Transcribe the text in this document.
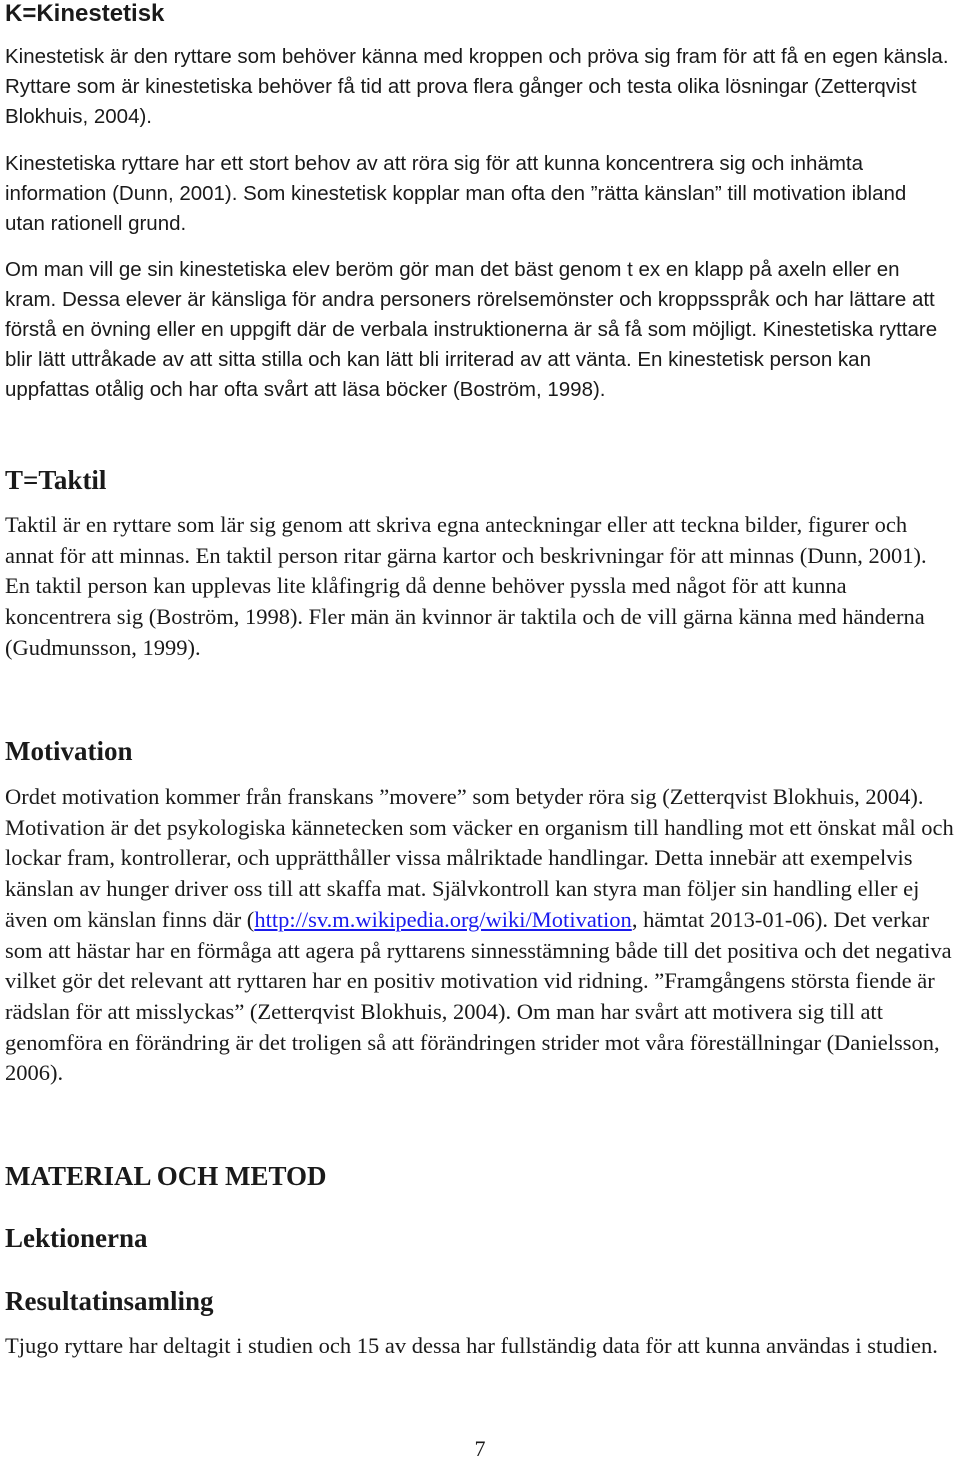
K=Kinestetisk

Kinestetisk är den ryttare som behöver känna med kroppen och pröva sig fram för att få en egen känsla. Ryttare som är kinestetiska behöver få tid att prova flera gånger och testa olika lösningar (Zetterqvist Blokhuis, 2004).

Kinestetiska ryttare har ett stort behov av att röra sig för att kunna koncentrera sig och inhämta information (Dunn, 2001). Som kinestetisk kopplar man ofta den ”rätta känslan” till motivation ibland utan rationell grund.

Om man vill ge sin kinestetiska elev beröm gör man det bäst genom t ex en klapp på axeln eller en kram. Dessa elever är känsliga för andra personers rörelsemönster och kroppsspråk och har lättare att förstå en övning eller en uppgift där de verbala instruktionerna är så få som möjligt. Kinestetiska ryttare blir lätt uttråkade av att sitta stilla och kan lätt bli irriterad av att vänta. En kinestetisk person kan uppfattas otålig och har ofta svårt att läsa böcker (Boström, 1998).

T=Taktil

Taktil är en ryttare som lär sig genom att skriva egna anteckningar eller att teckna bilder, figurer och annat för att minnas. En taktil person ritar gärna kartor och beskrivningar för att minnas (Dunn, 2001). En taktil person kan upplevas lite klåfingrig då denne behöver pyssla med något för att kunna koncentrera sig (Boström, 1998). Fler män än kvinnor är taktila och de vill gärna känna med händerna (Gudmunsson, 1999).

Motivation

Ordet motivation kommer från franskans ”movere” som betyder röra sig (Zetterqvist Blokhuis, 2004). Motivation är det psykologiska kännetecken som väcker en organism till handling mot ett önskat mål och lockar fram, kontrollerar, och upprätthåller vissa målriktade handlingar. Detta innebär att exempelvis känslan av hunger driver oss till att skaffa mat. Självkontroll kan styra man följer sin handling eller ej även om känslan finns där (http://sv.m.wikipedia.org/wiki/Motivation, hämtat 2013-01-06). Det verkar som att hästar har en förmåga att agera på ryttarens sinnesstämning både till det positiva och det negativa vilket gör det relevant att ryttaren har en positiv motivation vid ridning. ”Framgångens största fiende är rädslan för att misslyckas” (Zetterqvist Blokhuis, 2004). Om man har svårt att motivera sig till att genomföra en förändring är det troligen så att förändringen strider mot våra föreställningar (Danielsson, 2006).

MATERIAL OCH METOD
Lektionerna
Resultatinsamling

Tjugo ryttare har deltagit i studien och 15 av dessa har fullständig data för att kunna användas i studien.

7
